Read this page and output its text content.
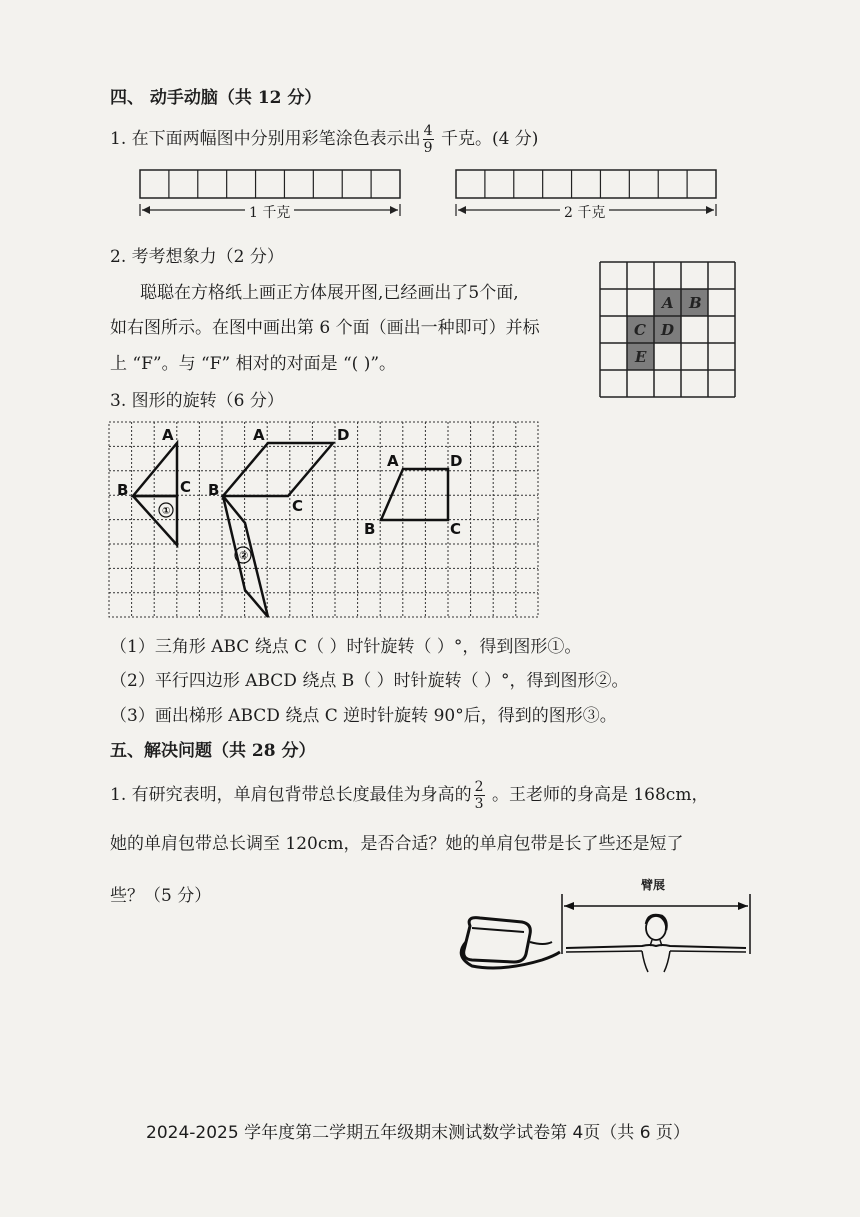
四、 动手动脑（共 12 分）
1. 在下面两幅图中分别用彩笔涂色表示出 $\frac{4}{9}$ 千克。(4 分)
1 千克	2 千克
2. 考考想象力（2 分）
聪聪在方格纸上画正方体展开图,已经画出了5个面,
如右图所示。在图中画出第 6 个面（画出一种即可）并标
上 “F”。与 “F” 相对的对面是 “( )”。
A B
C D
E
3. 图形的旋转（6 分）
A
B	C
①
A	D
B
C
②
A	D
B	C
（1）三角形 ABC 绕点 C（ ）时针旋转（ ）°，得到图形①。
（2）平行四边形 ABCD 绕点 B（ ）时针旋转（ ）°，得到图形②。
（3）画出梯形 ABCD 绕点 C 逆时针旋转 90°后，得到的图形③。
五、解决问题（共 28 分）
1. 有研究表明，单肩包背带总长度最佳为身高的 $\frac{2}{3}$ 。王老师的身高是 168cm，
她的单肩包带总长调至 120cm，是否合适？她的单肩包带是长了些还是短了
些？（5 分）
臂展
2024-2025 学年度第二学期五年级期末测试数学试卷第 4页（共 6 页）
